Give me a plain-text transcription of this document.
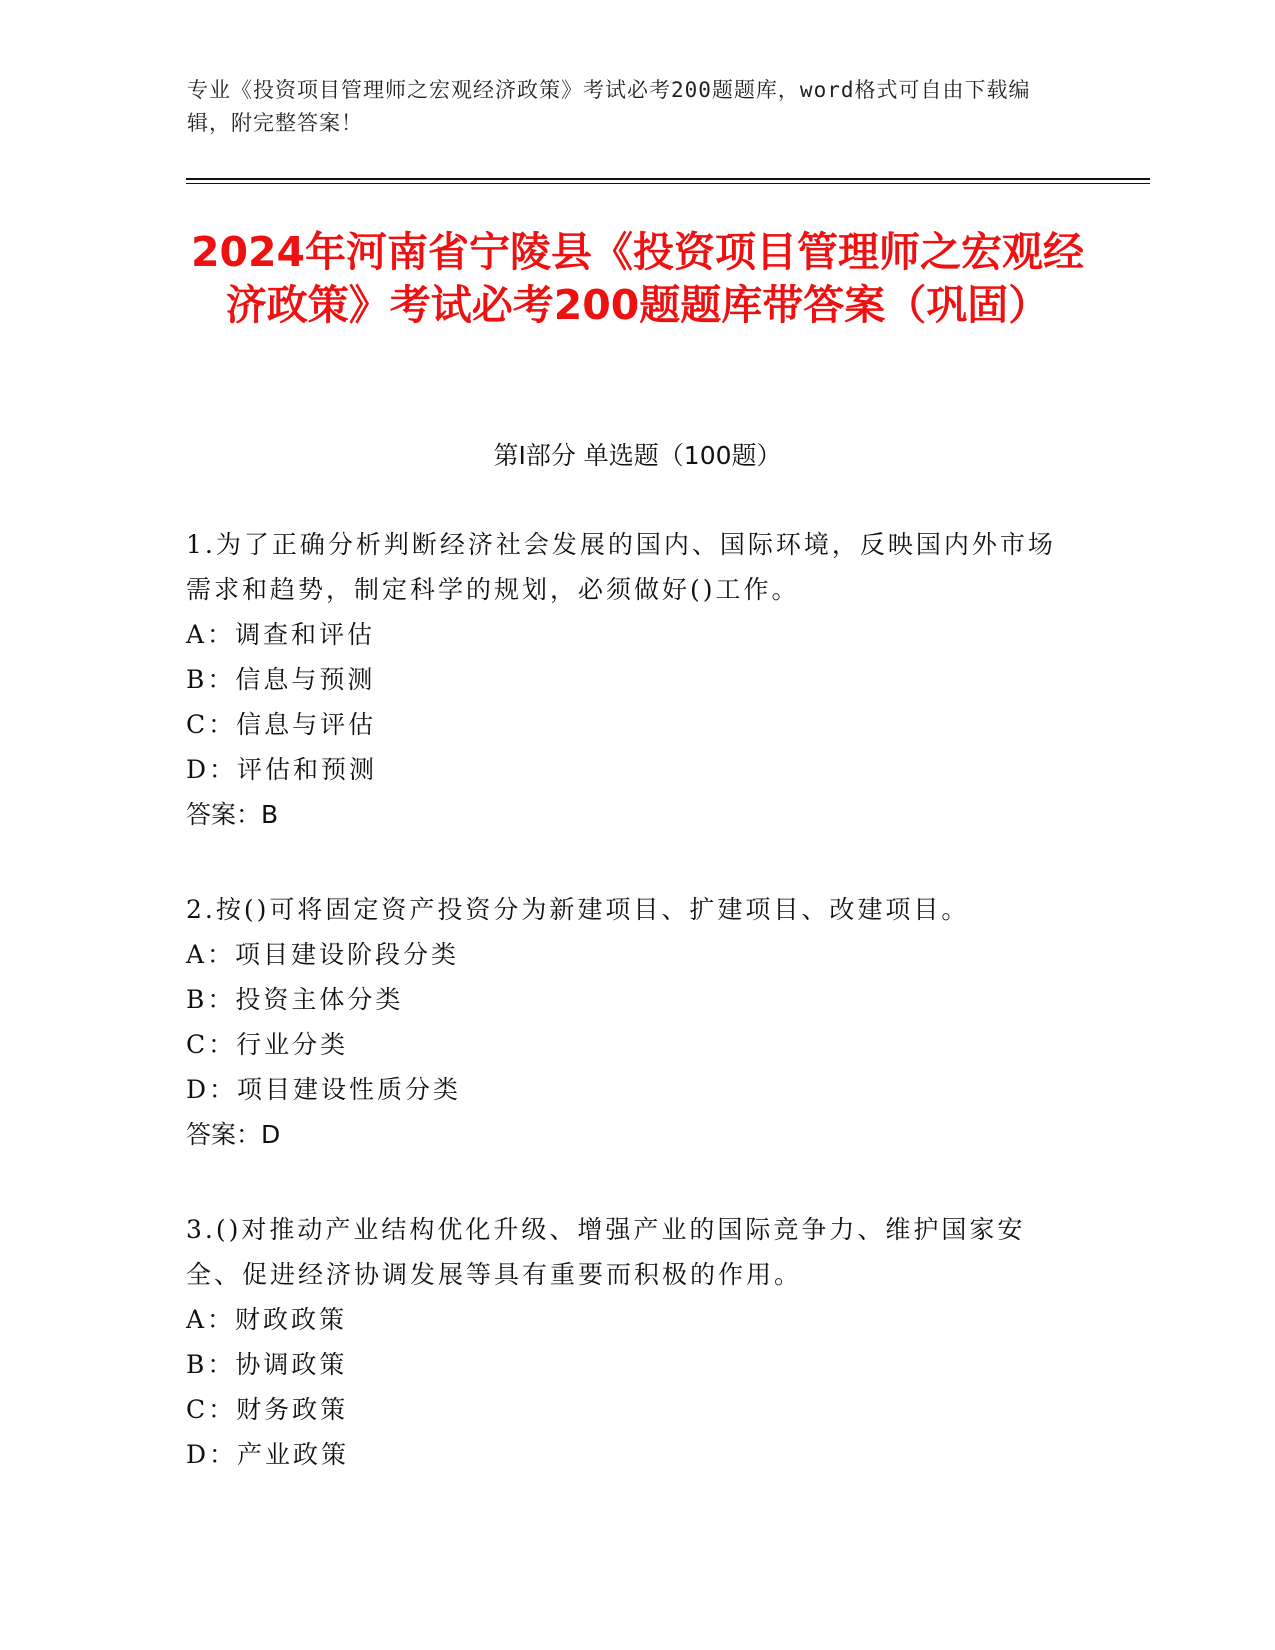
专业《投资项目管理师之宏观经济政策》考试必考200题题库，word格式可自由下载编辑，附完整答案！
2024年河南省宁陵县《投资项目管理师之宏观经济政策》考试必考200题题库带答案（巩固）
第I部分 单选题（100题）

1.为了正确分析判断经济社会发展的国内、国际环境，反映国内外市场需求和趋势，制定科学的规划，必须做好()工作。

A：调查和评估

B：信息与预测

C：信息与评估

D：评估和预测

答案：B

2.按()可将固定资产投资分为新建项目、扩建项目、改建项目。

A：项目建设阶段分类

B：投资主体分类

C：行业分类

D：项目建设性质分类

答案：D

3.()对推动产业结构优化升级、增强产业的国际竞争力、维护国家安全、促进经济协调发展等具有重要而积极的作用。

A：财政政策

B：协调政策

C：财务政策

D：产业政策
